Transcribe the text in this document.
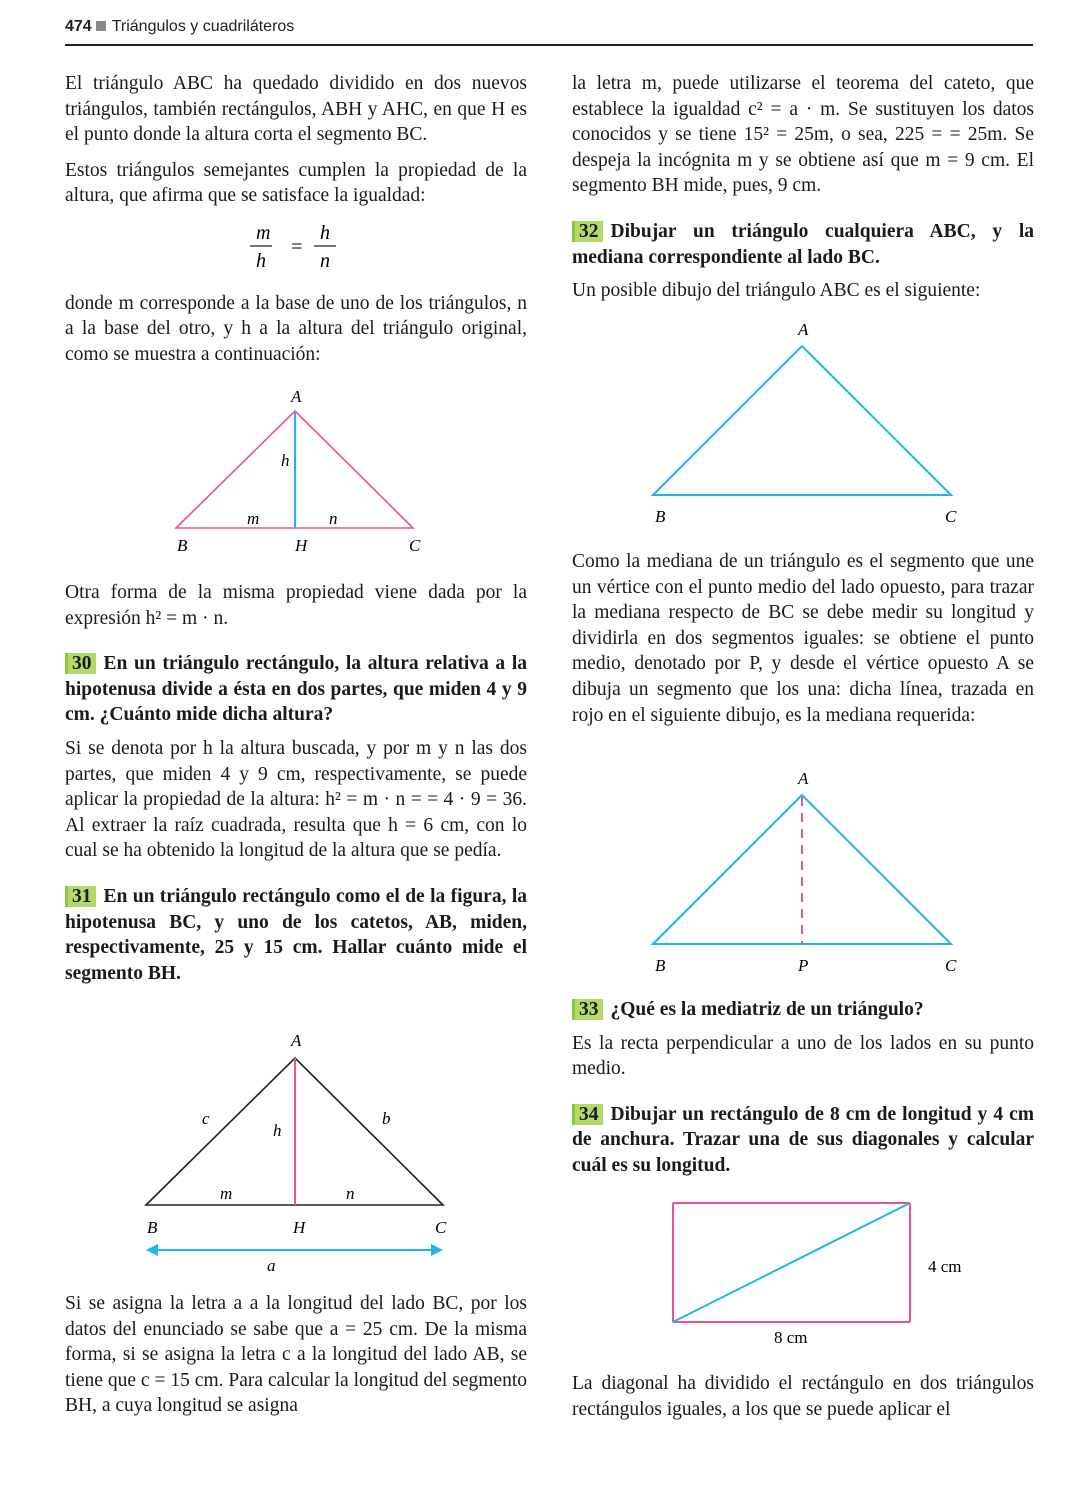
474 Triángulos y cuadriláteros

El triángulo ABC ha quedado dividido en dos nuevos triángulos, también rectángulos, ABH y AHC, en que H es el punto donde la altura corta el segmento BC.

Estos triángulos semejantes cumplen la propiedad de la altura, que afirma que se satisface la igualdad:

m
h
=
h
n

donde m corresponde a la base de uno de los triángulos, n a la base del otro, y h a la altura del triángulo original, como se muestra a continuación:

A
h
m	n
B	H	C

Otra forma de la misma propiedad viene dada por la expresión h² = m · n.

30 En un triángulo rectángulo, la altura relativa a la hipotenusa divide a ésta en dos partes, que miden 4 y 9 cm. ¿Cuánto mide dicha altura?

Si se denota por h la altura buscada, y por m y n las dos partes, que miden 4 y 9 cm, respectivamente, se puede aplicar la propiedad de la altura: h² = m · n = = 4 · 9 = 36. Al extraer la raíz cuadrada, resulta que h = 6 cm, con lo cual se ha obtenido la longitud de la altura que se pedía.

31 En un triángulo rectángulo como el de la figura, la hipotenusa BC, y uno de los catetos, AB, miden, respectivamente, 25 y 15 cm. Hallar cuánto mide el segmento BH.

A
c	b
h
m	n
B	H	C
a

Si se asigna la letra a a la longitud del lado BC, por los datos del enunciado se sabe que a = 25 cm. De la misma forma, si se asigna la letra c a la longitud del lado AB, se tiene que c = 15 cm. Para calcular la longitud del segmento BH, a cuya longitud se asigna

la letra m, puede utilizarse el teorema del cateto, que establece la igualdad c² = a · m. Se sustituyen los datos conocidos y se tiene 15² = 25m, o sea, 225 = = 25m. Se despeja la incógnita m y se obtiene así que m = 9 cm. El segmento BH mide, pues, 9 cm.

32 Dibujar un triángulo cualquiera ABC, y la mediana correspondiente al lado BC.

Un posible dibujo del triángulo ABC es el siguiente:

A
B	C

Como la mediana de un triángulo es el segmento que une un vértice con el punto medio del lado opuesto, para trazar la mediana respecto de BC se debe medir su longitud y dividirla en dos segmentos iguales: se obtiene el punto medio, denotado por P, y desde el vértice opuesto A se dibuja un segmento que los una: dicha línea, trazada en rojo en el siguiente dibujo, es la mediana requerida:

A
B	P	C

33 ¿Qué es la mediatriz de un triángulo?

Es la recta perpendicular a uno de los lados en su punto medio.

34 Dibujar un rectángulo de 8 cm de longitud y 4 cm de anchura. Trazar una de sus diagonales y calcular cuál es su longitud.

4 cm
8 cm

La diagonal ha dividido el rectángulo en dos triángulos rectángulos iguales, a los que se puede aplicar el
